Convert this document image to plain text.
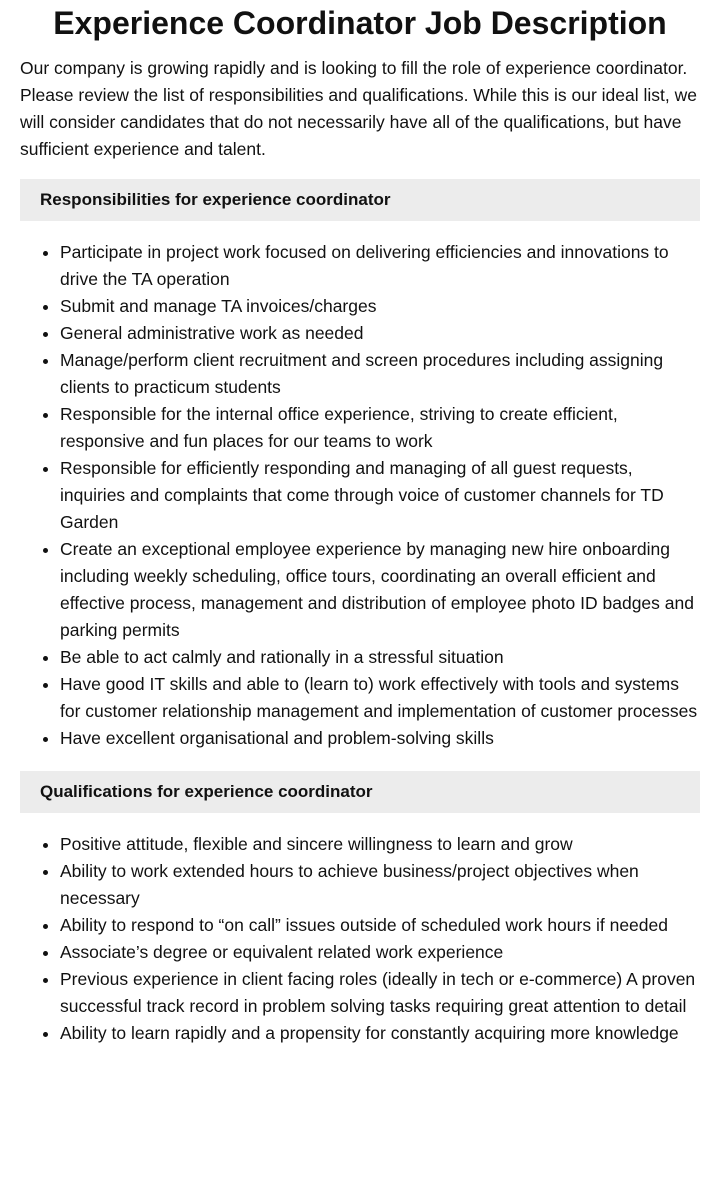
Experience Coordinator Job Description

Our company is growing rapidly and is looking to fill the role of experience coordinator. Please review the list of responsibilities and qualifications. While this is our ideal list, we will consider candidates that do not necessarily have all of the qualifications, but have sufficient experience and talent.

Responsibilities for experience coordinator
• Participate in project work focused on delivering efficiencies and innovations to drive the TA operation
• Submit and manage TA invoices/charges
• General administrative work as needed
• Manage/perform client recruitment and screen procedures including assigning clients to practicum students
• Responsible for the internal office experience, striving to create efficient, responsive and fun places for our teams to work
• Responsible for efficiently responding and managing of all guest requests, inquiries and complaints that come through voice of customer channels for TD Garden
• Create an exceptional employee experience by managing new hire onboarding including weekly scheduling, office tours, coordinating an overall efficient and effective process, management and distribution of employee photo ID badges and parking permits
• Be able to act calmly and rationally in a stressful situation
• Have good IT skills and able to (learn to) work effectively with tools and systems for customer relationship management and implementation of customer processes
• Have excellent organisational and problem-solving skills
Qualifications for experience coordinator
• Positive attitude, flexible and sincere willingness to learn and grow
• Ability to work extended hours to achieve business/project objectives when necessary
• Ability to respond to “on call” issues outside of scheduled work hours if needed
• Associate’s degree or equivalent related work experience
• Previous experience in client facing roles (ideally in tech or e-commerce) A proven successful track record in problem solving tasks requiring great attention to detail
• Ability to learn rapidly and a propensity for constantly acquiring more knowledge
